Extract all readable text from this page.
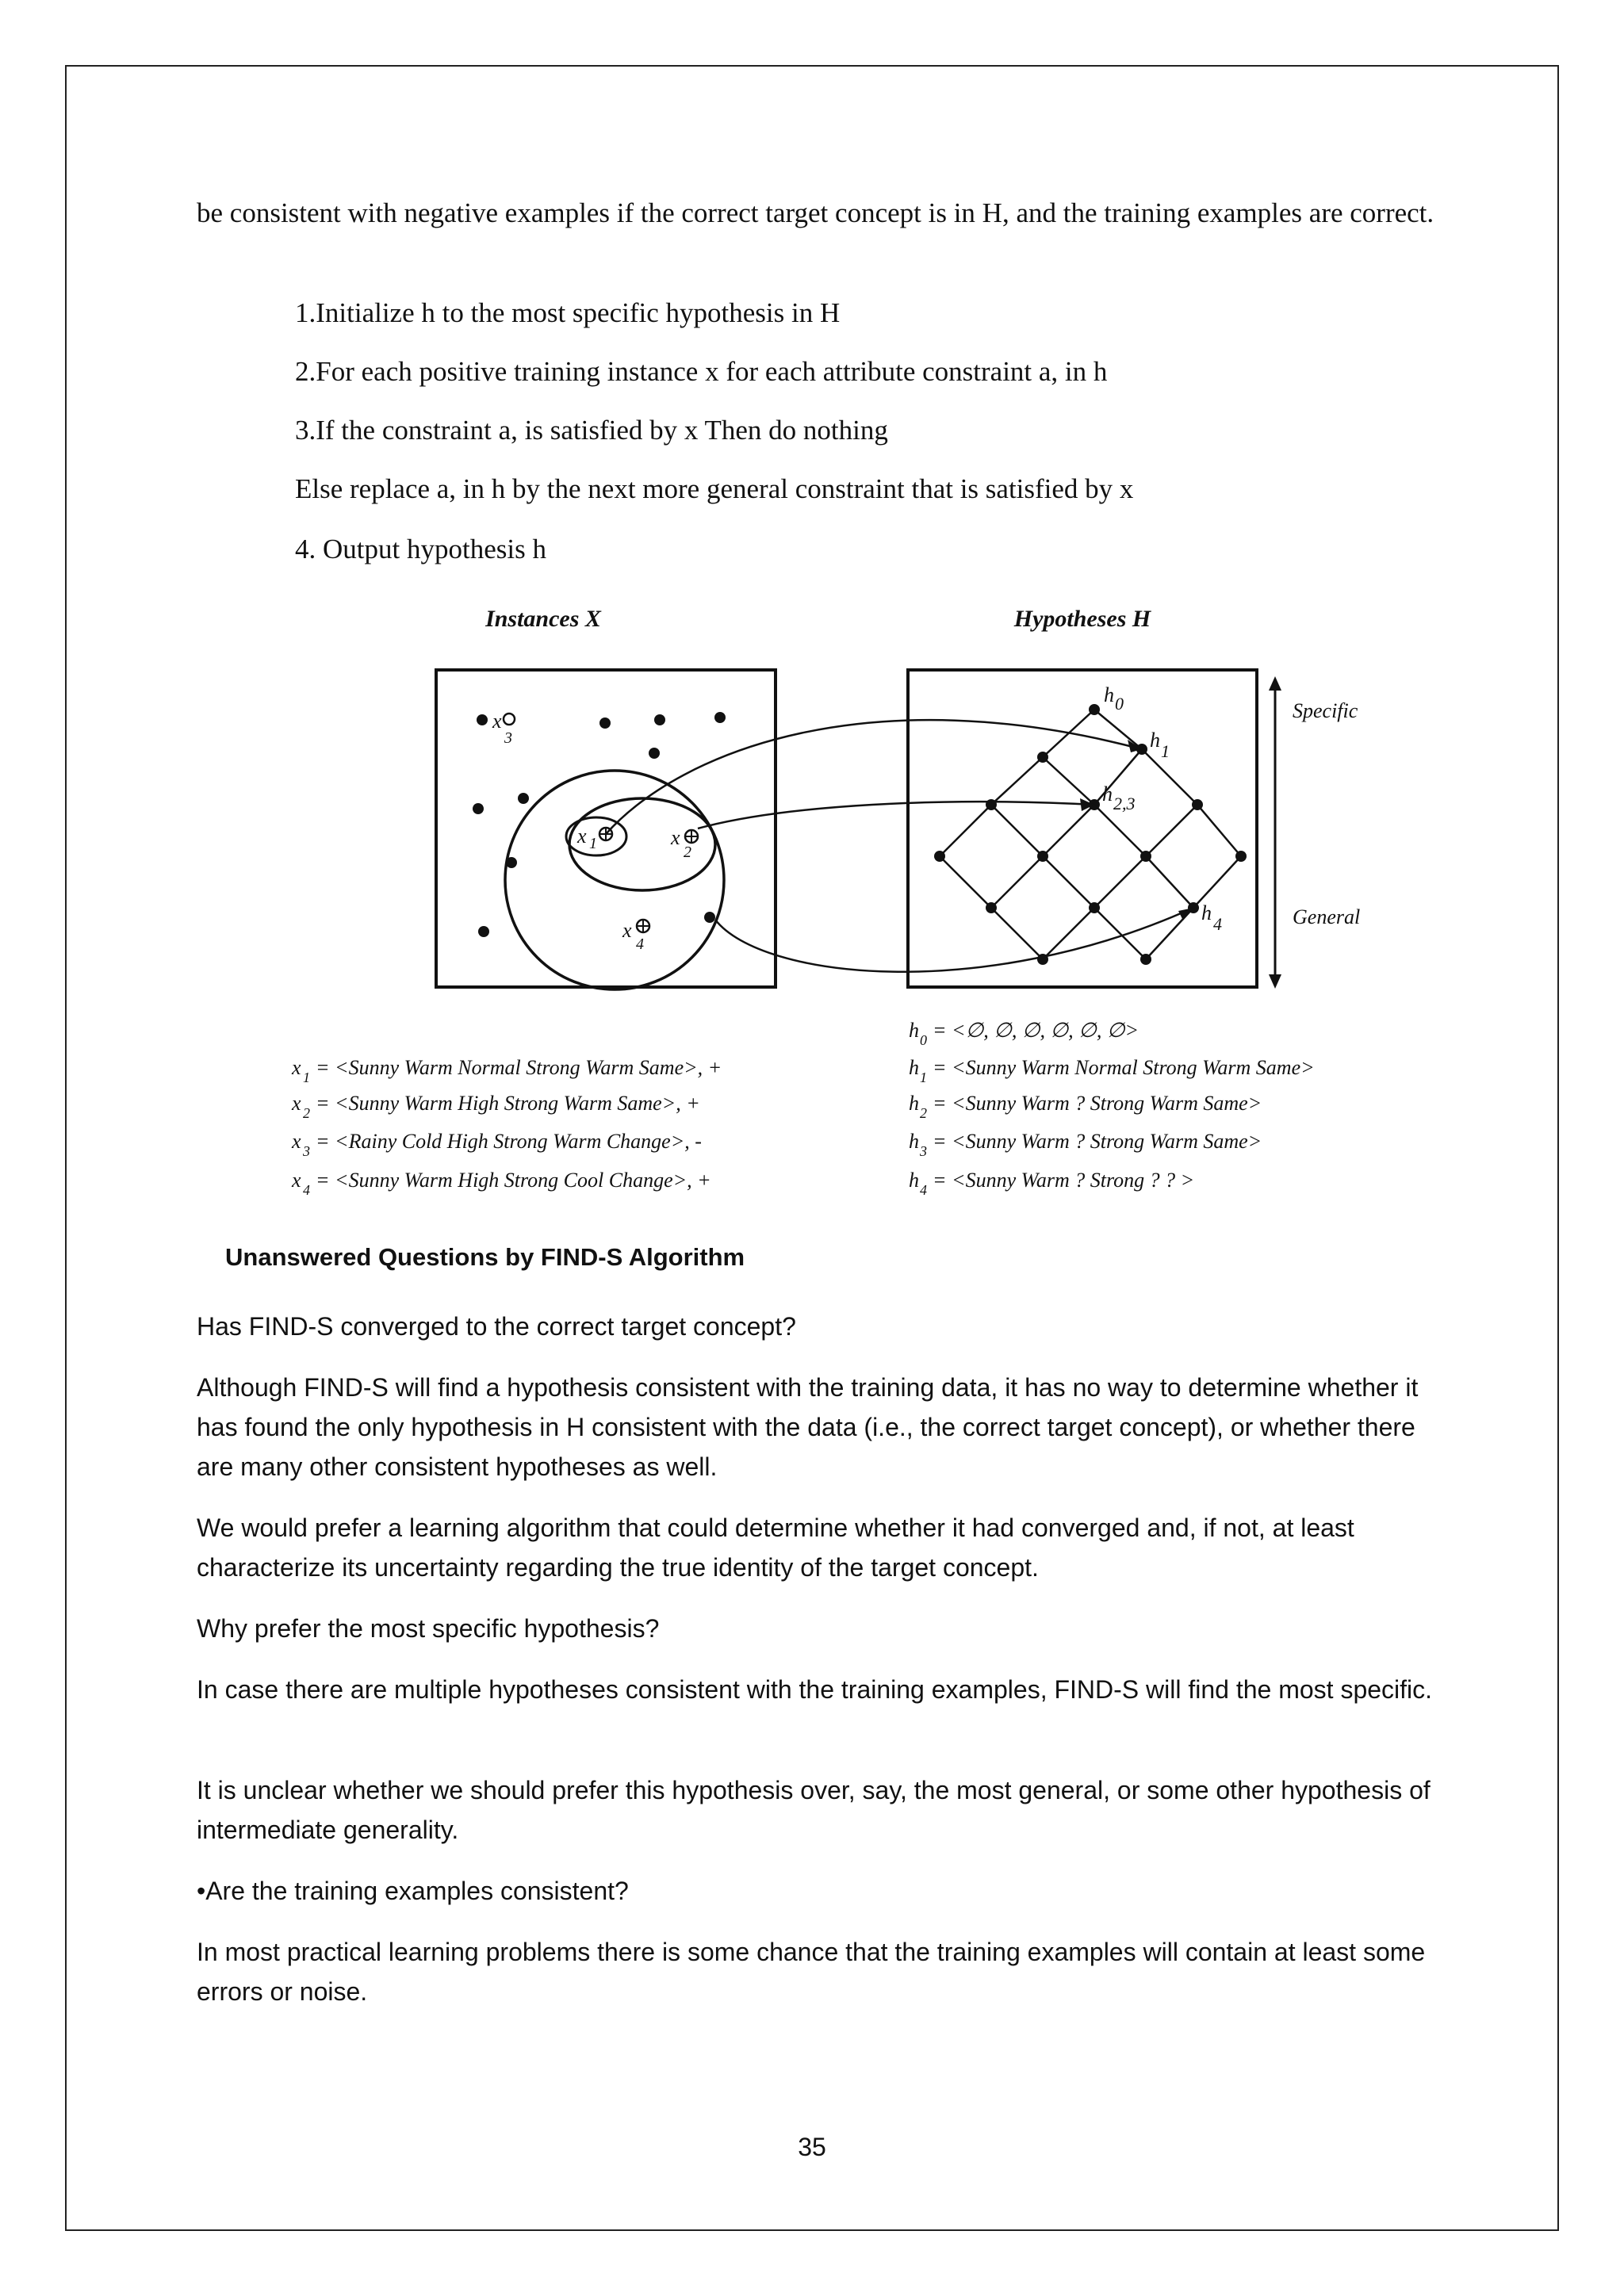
be consistent with negative examples if the correct target concept is in H, and the training examples are correct.

1.Initialize h to the most specific hypothesis in H

2.For each positive training instance x for each attribute constraint a, in h

3.If the constraint a, is satisfied by x Then do nothing

Else replace a, in h by the next more general constraint that is satisfied by x

4. Output hypothesis h

Instances X	Hypotheses H
x
3
x 1	x
2
x
4
h 0
h 1
h 2,3
h 4
Specific
General
x 1 = <Sunny Warm Normal Strong Warm Same>, +
x 2 = <Sunny Warm High Strong Warm Same>, +
x 3 = <Rainy Cold High Strong Warm Change>, -
x 4 = <Sunny Warm High Strong Cool Change>, +
h 0 = <∅, ∅, ∅, ∅, ∅, ∅>
h 1 = <Sunny Warm Normal Strong Warm Same>
h 2 = <Sunny Warm ? Strong Warm Same>
h 3 = <Sunny Warm ? Strong Warm Same>
h 4 = <Sunny Warm ? Strong ? ? >

Unanswered Questions by FIND-S Algorithm

Has FIND-S converged to the correct target concept?

Although FIND-S will find a hypothesis consistent with the training data, it has no way to determine whether it has found the only hypothesis in H consistent with the data (i.e., the correct target concept), or whether there are many other consistent hypotheses as well.

We would prefer a learning algorithm that could determine whether it had converged and, if not, at least characterize its uncertainty regarding the true identity of the target concept.

Why prefer the most specific hypothesis?

In case there are multiple hypotheses consistent with the training examples, FIND-S will find the most specific.

It is unclear whether we should prefer this hypothesis over, say, the most general, or some other hypothesis of intermediate generality.

•Are the training examples consistent?

In most practical learning problems there is some chance that the training examples will contain at least some errors or noise.

35
